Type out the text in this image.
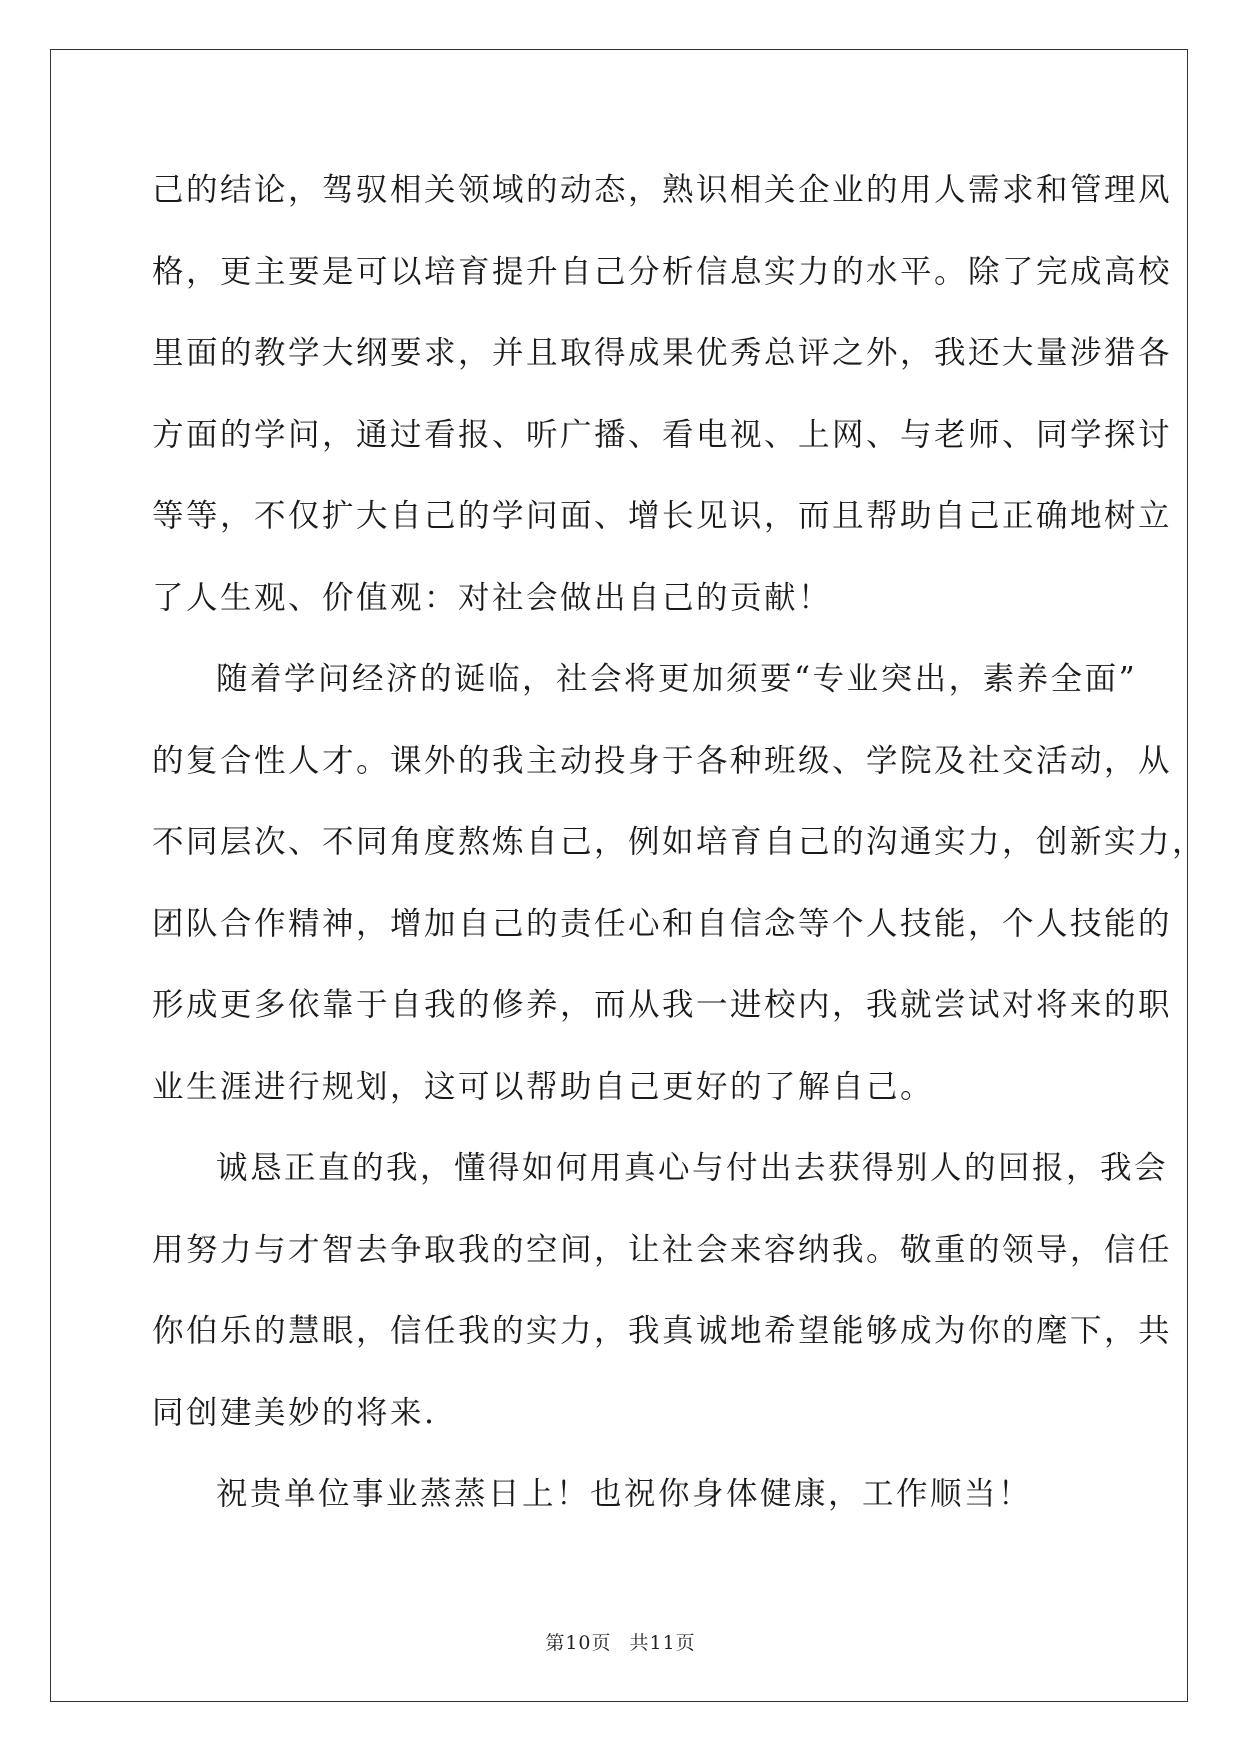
己的结论，驾驭相关领域的动态，熟识相关企业的用人需求和管理风
格，更主要是可以培育提升自己分析信息实力的水平。除了完成高校
里面的教学大纲要求，并且取得成果优秀总评之外，我还大量涉猎各
方面的学问，通过看报、听广播、看电视、上网、与老师、同学探讨
等等，不仅扩大自己的学问面、增长见识，而且帮助自己正确地树立
了人生观、价值观：对社会做出自己的贡献！
随着学问经济的诞临，社会将更加须要“专业突出，素养全面”
的复合性人才。课外的我主动投身于各种班级、学院及社交活动，从
不同层次、不同角度熬炼自己，例如培育自己的沟通实力，创新实力，
团队合作精神，增加自己的责任心和自信念等个人技能，个人技能的
形成更多依靠于自我的修养，而从我一进校内，我就尝试对将来的职
业生涯进行规划，这可以帮助自己更好的了解自己。
诚恳正直的我，懂得如何用真心与付出去获得别人的回报，我会
用努力与才智去争取我的空间，让社会来容纳我。敬重的领导，信任
你伯乐的慧眼，信任我的实力，我真诚地希望能够成为你的麾下，共
同创建美妙的将来.
祝贵单位事业蒸蒸日上！也祝你身体健康，工作顺当！
第10页 共11页
